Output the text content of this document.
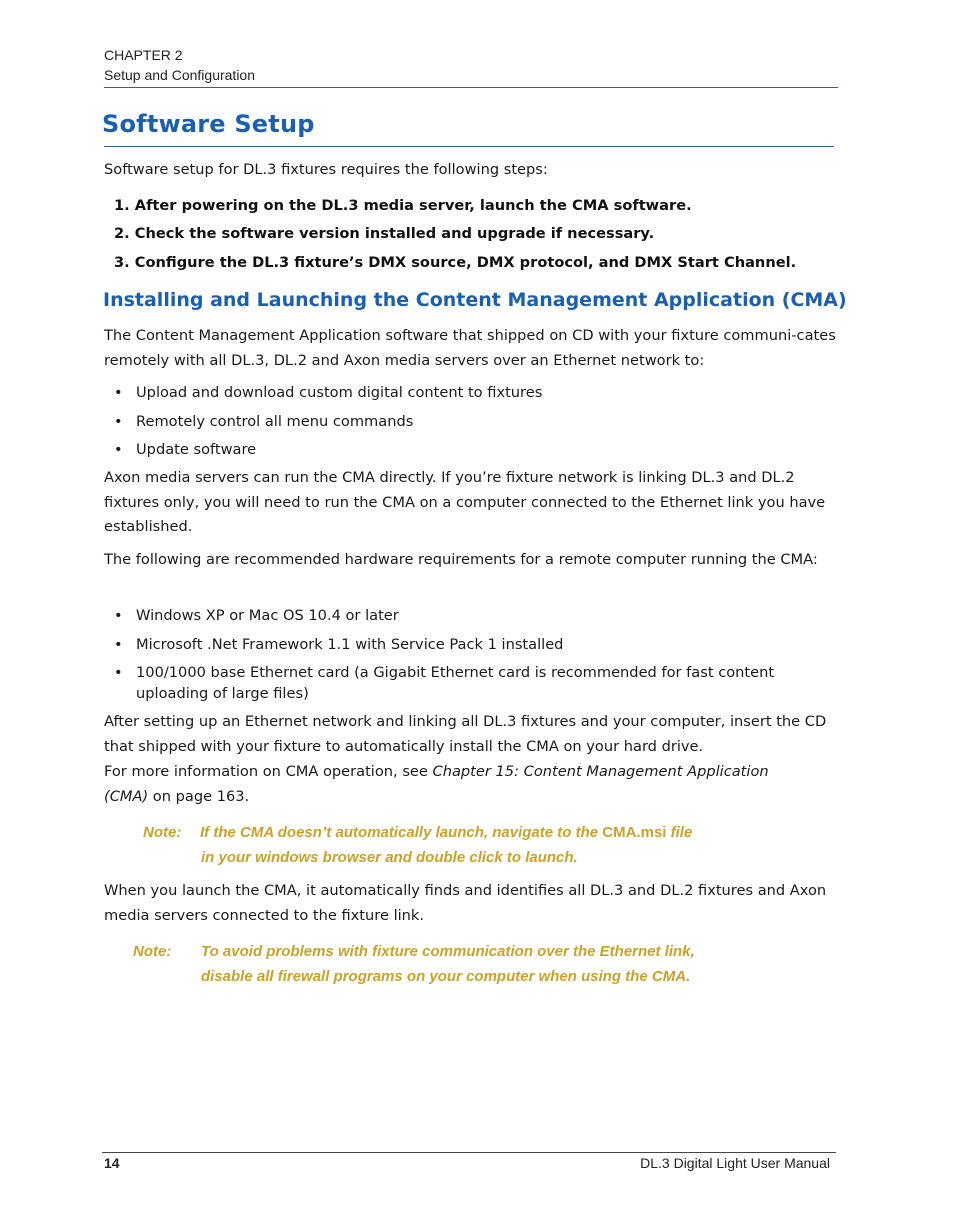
CHAPTER 2
Setup and Configuration
Software Setup
Software setup for DL.3 fixtures requires the following steps:
1. After powering on the DL.3 media server, launch the CMA software.
2. Check the software version installed and upgrade if necessary.
3. Configure the DL.3 fixture’s DMX source, DMX protocol, and DMX Start Channel.
Installing and Launching the Content Management Application (CMA)
The Content Management Application software that shipped on CD with your fixture communi-cates remotely with all DL.3, DL.2 and Axon media servers over an Ethernet network to:
• Upload and download custom digital content to fixtures
• Remotely control all menu commands
• Update software
Axon media servers can run the CMA directly. If you’re fixture network is linking DL.3 and DL.2 fixtures only, you will need to run the CMA on a computer connected to the Ethernet link you have established.
The following are recommended hardware requirements for a remote computer running the CMA:
• Windows XP or Mac OS 10.4 or later
• Microsoft .Net Framework 1.1 with Service Pack 1 installed
• 100/1000 base Ethernet card (a Gigabit Ethernet card is recommended for fast content uploading of large files)
After setting up an Ethernet network and linking all DL.3 fixtures and your computer, insert the CD that shipped with your fixture to automatically install the CMA on your hard drive.
For more information on CMA operation, see Chapter 15: Content Management Application (CMA) on page 163.
Note: If the CMA doesn’t automatically launch, navigate to the CMA.msi file
in your windows browser and double click to launch.
When you launch the CMA, it automatically finds and identifies all DL.3 and DL.2 fixtures and Axon media servers connected to the fixture link.
Note: To avoid problems with fixture communication over the Ethernet link,
disable all firewall programs on your computer when using the CMA.
14	DL.3 Digital Light User Manual
